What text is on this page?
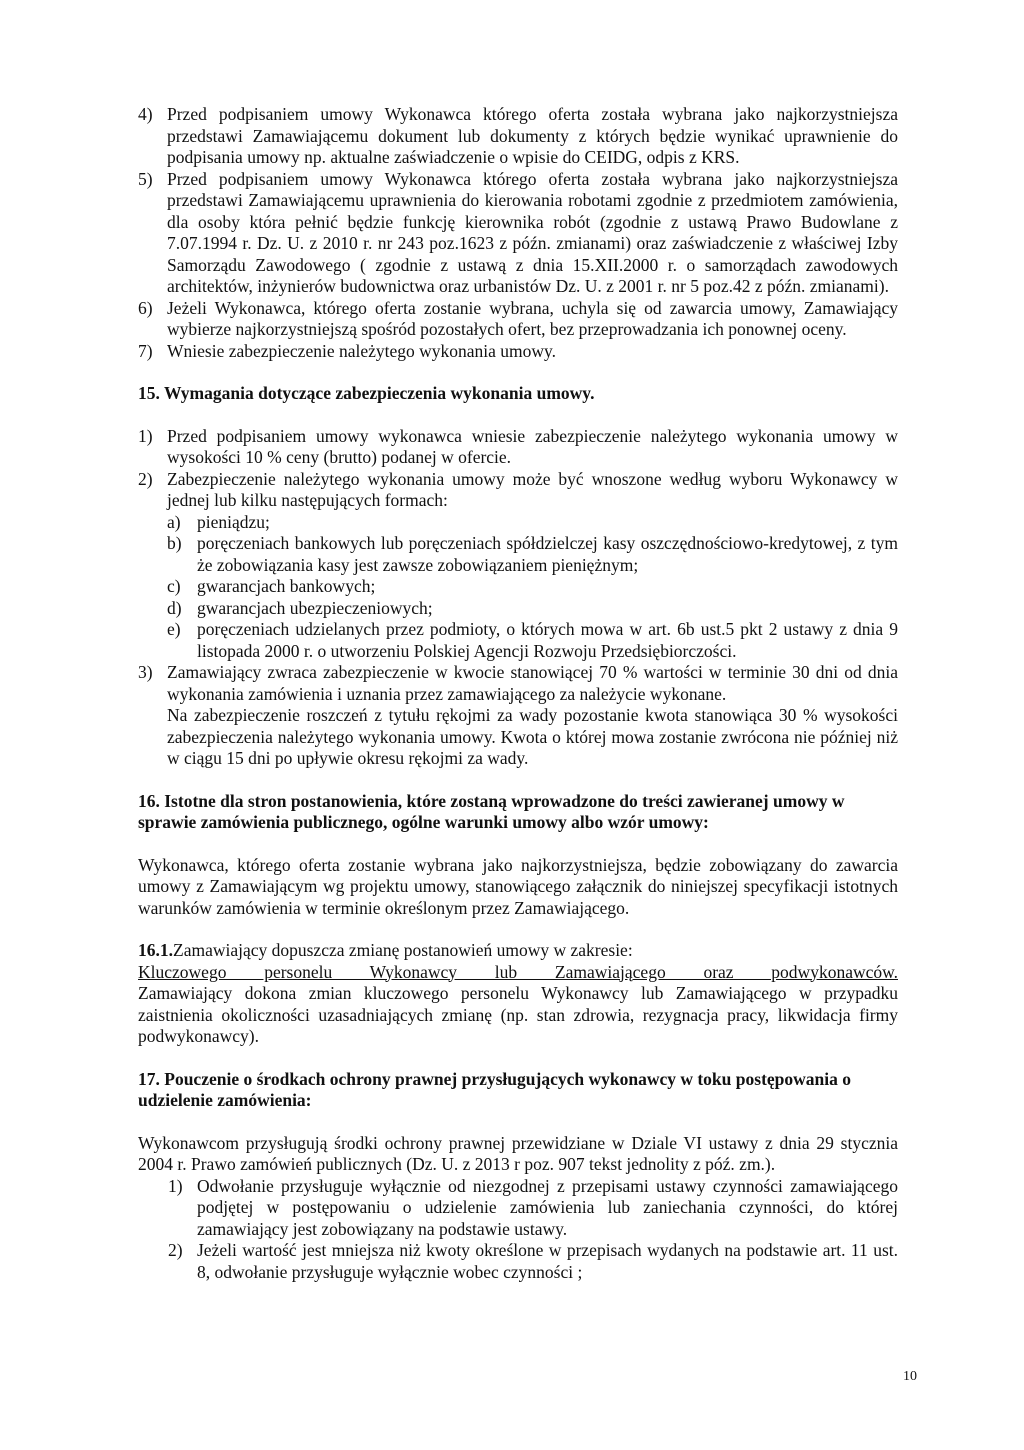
4) Przed podpisaniem umowy Wykonawca którego oferta została wybrana jako najkorzystniejsza przedstawi Zamawiającemu dokument lub dokumenty z których będzie wynikać uprawnienie do podpisania umowy np. aktualne zaświadczenie o wpisie do CEIDG, odpis z KRS.
5) Przed podpisaniem umowy Wykonawca którego oferta została wybrana jako najkorzystniejsza przedstawi Zamawiającemu uprawnienia do kierowania robotami zgodnie z przedmiotem zamówienia, dla osoby która pełnić będzie funkcję kierownika robót (zgodnie z ustawą Prawo Budowlane z 7.07.1994 r. Dz. U. z 2010 r. nr 243 poz.1623 z późn. zmianami) oraz zaświadczenie z właściwej Izby Samorządu Zawodowego ( zgodnie z ustawą z dnia 15.XII.2000 r. o samorządach zawodowych architektów, inżynierów budownictwa oraz urbanistów Dz. U. z 2001 r. nr 5 poz.42 z późn. zmianami).
6) Jeżeli Wykonawca, którego oferta zostanie wybrana, uchyla się od zawarcia umowy, Zamawiający wybierze najkorzystniejszą spośród pozostałych ofert, bez przeprowadzania ich ponownej oceny.
7) Wniesie zabezpieczenie należytego wykonania umowy.
15. Wymagania dotyczące zabezpieczenia wykonania umowy.
1) Przed podpisaniem umowy wykonawca wniesie zabezpieczenie należytego wykonania umowy w wysokości 10 % ceny (brutto) podanej w ofercie.
2) Zabezpieczenie należytego wykonania umowy może być wnoszone według wyboru Wykonawcy w jednej lub kilku następujących formach:
a) pieniądzu;
b) poręczeniach bankowych lub poręczeniach spółdzielczej kasy oszczędnościowo-kredytowej, z tym że zobowiązania kasy jest zawsze zobowiązaniem pieniężnym;
c) gwarancjach bankowych;
d) gwarancjach ubezpieczeniowych;
e) poręczeniach udzielanych przez podmioty, o których mowa w art. 6b ust.5 pkt 2 ustawy z dnia 9 listopada 2000 r. o utworzeniu Polskiej Agencji Rozwoju Przedsiębiorczości.
3) Zamawiający zwraca zabezpieczenie w kwocie stanowiącej 70 % wartości w terminie 30 dni od dnia wykonania zamówienia i uznania przez zamawiającego za należycie wykonane.
Na zabezpieczenie roszczeń z tytułu rękojmi za wady pozostanie kwota stanowiąca 30 % wysokości zabezpieczenia należytego wykonania umowy. Kwota o której mowa zostanie zwrócona nie później niż w ciągu 15 dni po upływie okresu rękojmi za wady.
16. Istotne dla stron postanowienia, które zostaną wprowadzone do treści zawieranej umowy w sprawie zamówienia publicznego, ogólne warunki umowy albo wzór umowy:

Wykonawca, którego oferta zostanie wybrana jako najkorzystniejsza, będzie zobowiązany do zawarcia umowy z Zamawiającym wg projektu umowy, stanowiącego załącznik do niniejszej specyfikacji istotnych warunków zamówienia w terminie określonym przez Zamawiającego.

16.1.Zamawiający dopuszcza zmianę postanowień umowy w zakresie:

Kluczowego personelu Wykonawcy lub Zamawiającego oraz podwykonawców.

Zamawiający dokona zmian kluczowego personelu Wykonawcy lub Zamawiającego w przypadku zaistnienia okoliczności uzasadniających zmianę (np. stan zdrowia, rezygnacja pracy, likwidacja firmy podwykonawcy).

17. Pouczenie o środkach ochrony prawnej przysługujących wykonawcy w toku postępowania o udzielenie zamówienia:

Wykonawcom przysługują środki ochrony prawnej przewidziane w Dziale VI ustawy z dnia 29 stycznia 2004 r. Prawo zamówień publicznych (Dz. U. z 2013 r poz. 907 tekst jednolity z póź. zm.).

1) Odwołanie przysługuje wyłącznie od niezgodnej z przepisami ustawy czynności zamawiającego podjętej w postępowaniu o udzielenie zamówienia lub zaniechania czynności, do której zamawiający jest zobowiązany na podstawie ustawy.
2) Jeżeli wartość jest mniejsza niż kwoty określone w przepisach wydanych na podstawie art. 11 ust. 8, odwołanie przysługuje wyłącznie wobec czynności ;
10
